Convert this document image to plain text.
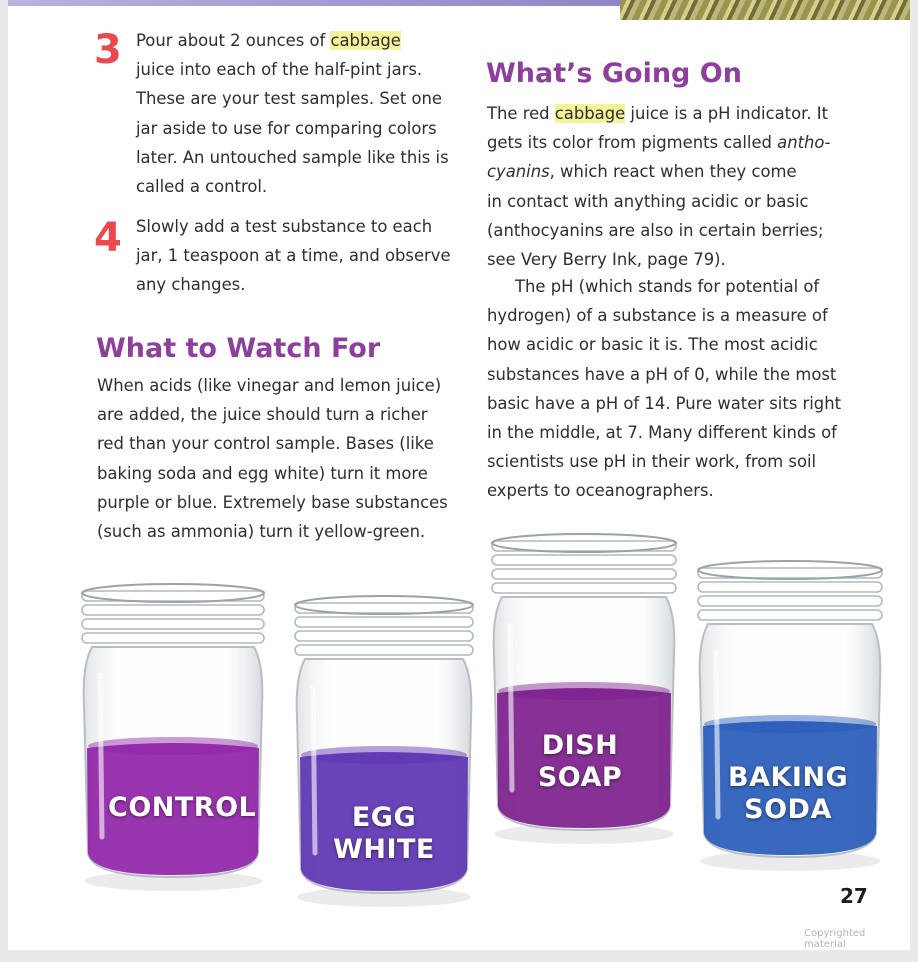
3 Pour about 2 ounces of cabbage
juice into each of the half-pint jars.
These are your test samples. Set one
jar aside to use for comparing colors
later. An untouched sample like this is
called a control.
4 Slowly add a test substance to each
jar, 1 teaspoon at a time, and observe
any changes.
What to Watch For
When acids (like vinegar and lemon juice)
are added, the juice should turn a richer
red than your control sample. Bases (like
baking soda and egg white) turn it more
purple or blue. Extremely base substances
(such as ammonia) turn it yellow-green.
What’s Going On
The red cabbage juice is a pH indicator. It
gets its color from pigments called antho-
cyanins, which react when they come
in contact with anything acidic or basic
(anthocyanins are also in certain berries;
see Very Berry Ink, page 79).
The pH (which stands for potential of
hydrogen) of a substance is a measure of
how acidic or basic it is. The most acidic
substances have a pH of 0, while the most
basic have a pH of 14. Pure water sits right
in the middle, at 7. Many different kinds of
scientists use pH in their work, from soil
experts to oceanographers.
CONTROL	EGG
WHITE
DISH
SOAP	BAKING
SODA
27
Copyrighted material
